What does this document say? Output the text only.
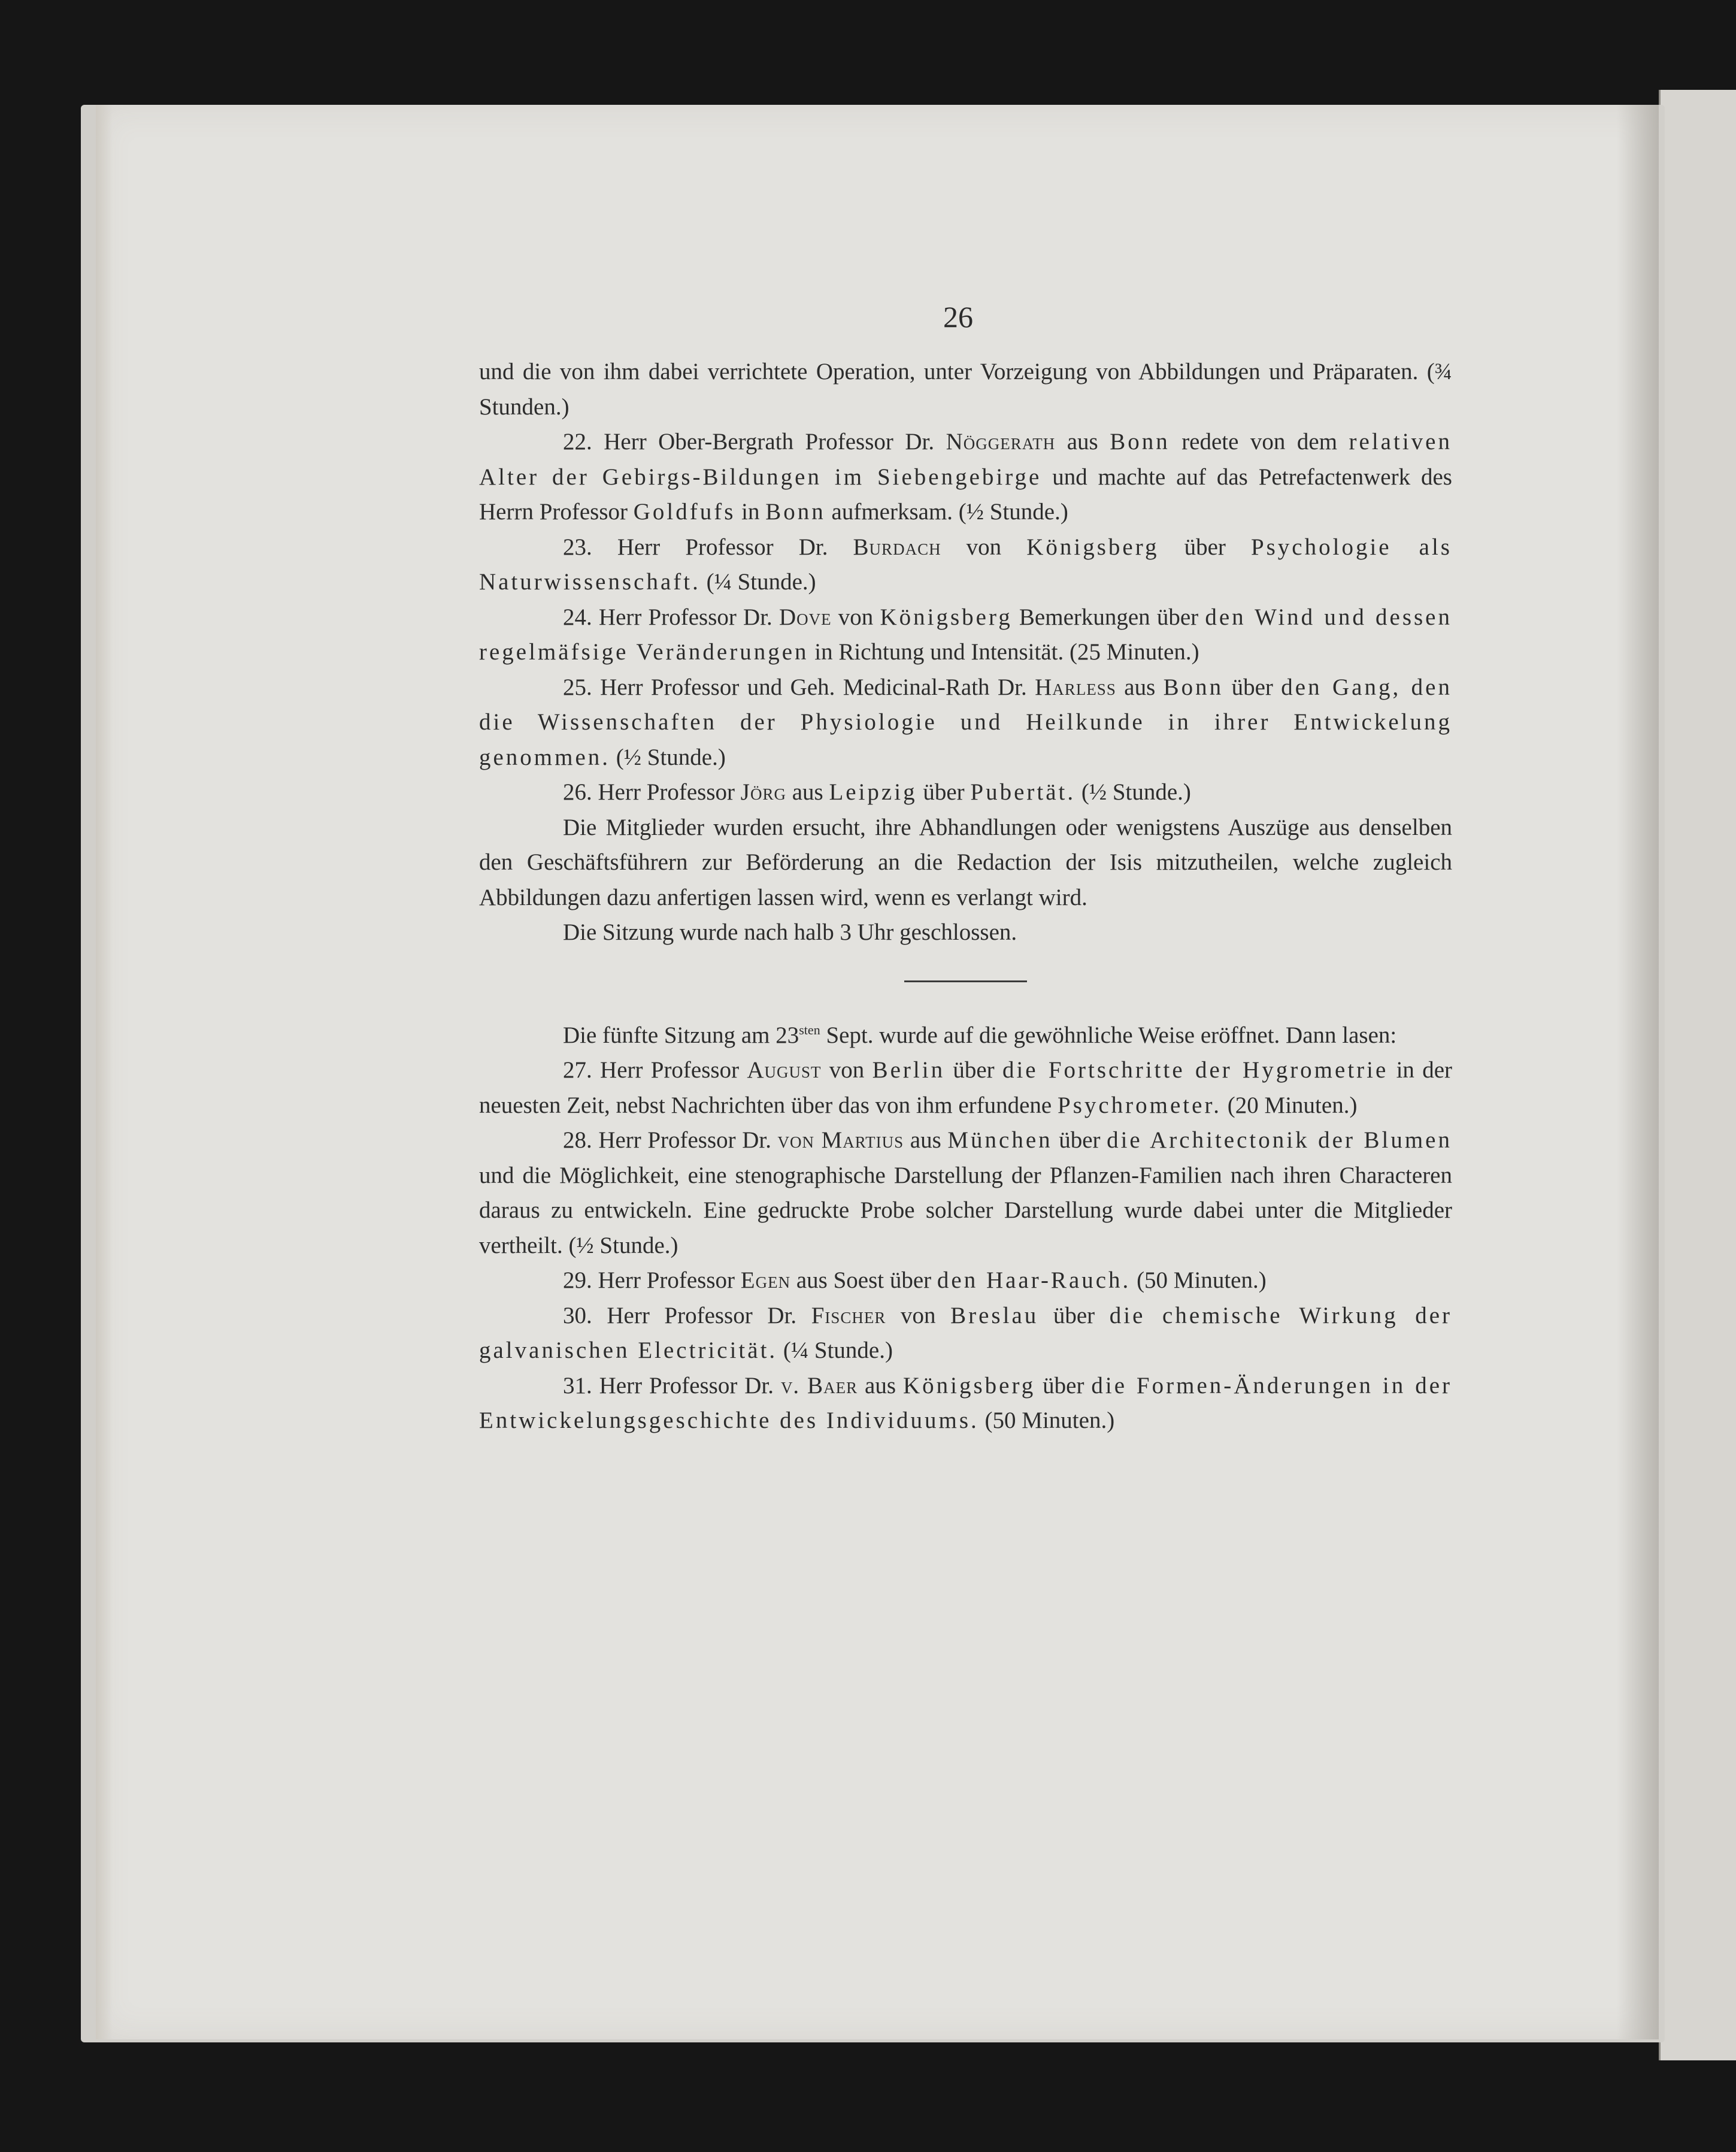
26

und die von ihm dabei verrichtete Operation, unter Vorzeigung von Abbildungen und Präparaten. (¾ Stunden.)

22. Herr Ober-Bergrath Professor Dr. Nöggerath aus Bonn redete von dem relativen Alter der Gebirgs-Bildungen im Siebengebirge und machte auf das Petrefactenwerk des Herrn Professor Goldfufs in Bonn aufmerksam. (½ Stunde.)

23. Herr Professor Dr. Burdach von Königsberg über Psychologie als Naturwissenschaft. (¼ Stunde.)

24. Herr Professor Dr. Dove von Königsberg Bemerkungen über den Wind und dessen regelmäfsige Veränderungen in Richtung und Intensität. (25 Minuten.)

25. Herr Professor und Geh. Medicinal-Rath Dr. Harless aus Bonn über den Gang, den die Wissenschaften der Physiologie und Heilkunde in ihrer Entwickelung genommen. (½ Stunde.)

26. Herr Professor Jörg aus Leipzig über Pubertät. (½ Stunde.)

Die Mitglieder wurden ersucht, ihre Abhandlungen oder wenigstens Auszüge aus denselben den Geschäftsführern zur Beförderung an die Redaction der Isis mitzutheilen, welche zugleich Abbildungen dazu anfertigen lassen wird, wenn es verlangt wird.

Die Sitzung wurde nach halb 3 Uhr geschlossen.

Die fünfte Sitzung am $23^{sten}$ Sept. wurde auf die gewöhnliche Weise eröffnet. Dann lasen:

27. Herr Professor August von Berlin über die Fortschritte der Hygrometrie in der neuesten Zeit, nebst Nachrichten über das von ihm erfundene Psychrometer. (20 Minuten.)

28. Herr Professor Dr. von Martius aus München über die Architectonik der Blumen und die Möglichkeit, eine stenographische Darstellung der Pflanzen-Familien nach ihren Characteren daraus zu entwickeln. Eine gedruckte Probe solcher Darstellung wurde dabei unter die Mitglieder vertheilt. (½ Stunde.)

29. Herr Professor Egen aus Soest über den Haar-Rauch. (50 Minuten.)

30. Herr Professor Dr. Fischer von Breslau über die chemische Wirkung der galvanischen Electricität. (¼ Stunde.)

31. Herr Professor Dr. v. Baer aus Königsberg über die Formen-Änderungen in der Entwickelungsgeschichte des Individuums. (50 Minuten.)
